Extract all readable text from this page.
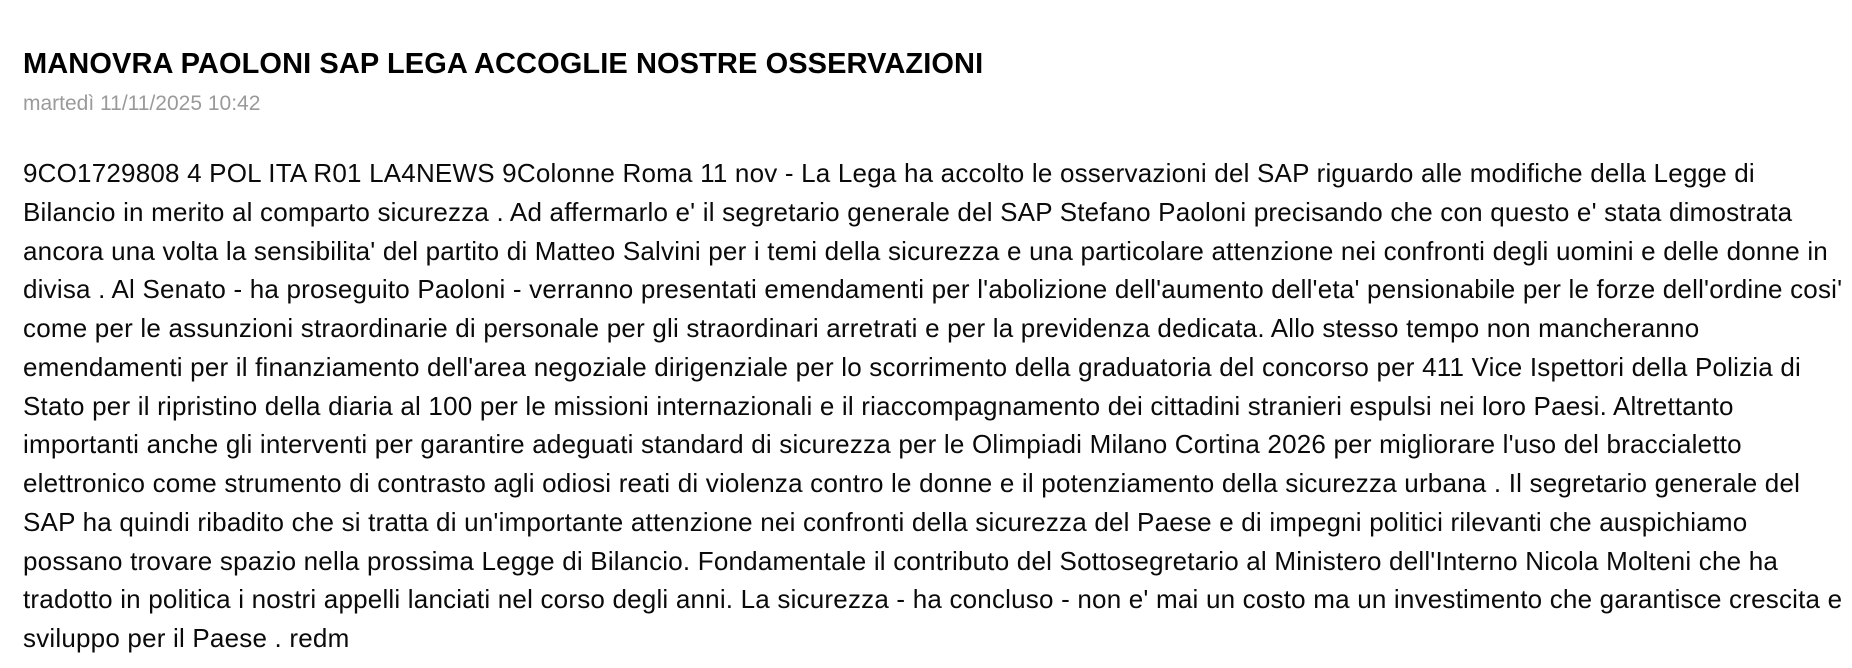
MANOVRA PAOLONI SAP LEGA ACCOGLIE NOSTRE OSSERVAZIONI
martedì 11/11/2025 10:42

9CO1729808 4 POL ITA R01 LA4NEWS 9Colonne Roma 11 nov - La Lega ha accolto le osservazioni del SAP riguardo alle modifiche della Legge di Bilancio in merito al comparto sicurezza . Ad affermarlo e' il segretario generale del SAP Stefano Paoloni precisando che con questo e' stata dimostrata ancora una volta la sensibilita' del partito di Matteo Salvini per i temi della sicurezza e una particolare attenzione nei confronti degli uomini e delle donne in divisa . Al Senato - ha proseguito Paoloni - verranno presentati emendamenti per l'abolizione dell'aumento dell'eta' pensionabile per le forze dell'ordine cosi' come per le assunzioni straordinarie di personale per gli straordinari arretrati e per la previdenza dedicata. Allo stesso tempo non mancheranno emendamenti per il finanziamento dell'area negoziale dirigenziale per lo scorrimento della graduatoria del concorso per 411 Vice Ispettori della Polizia di Stato per il ripristino della diaria al 100 per le missioni internazionali e il riaccompagnamento dei cittadini stranieri espulsi nei loro Paesi. Altrettanto importanti anche gli interventi per garantire adeguati standard di sicurezza per le Olimpiadi Milano Cortina 2026 per migliorare l'uso del braccialetto elettronico come strumento di contrasto agli odiosi reati di violenza contro le donne e il potenziamento della sicurezza urbana . Il segretario generale del SAP ha quindi ribadito che si tratta di un'importante attenzione nei confronti della sicurezza del Paese e di impegni politici rilevanti che auspichiamo possano trovare spazio nella prossima Legge di Bilancio. Fondamentale il contributo del Sottosegretario al Ministero dell'Interno Nicola Molteni che ha tradotto in politica i nostri appelli lanciati nel corso degli anni. La sicurezza - ha concluso - non e' mai un costo ma un investimento che garantisce crescita e sviluppo per il Paese . redm
